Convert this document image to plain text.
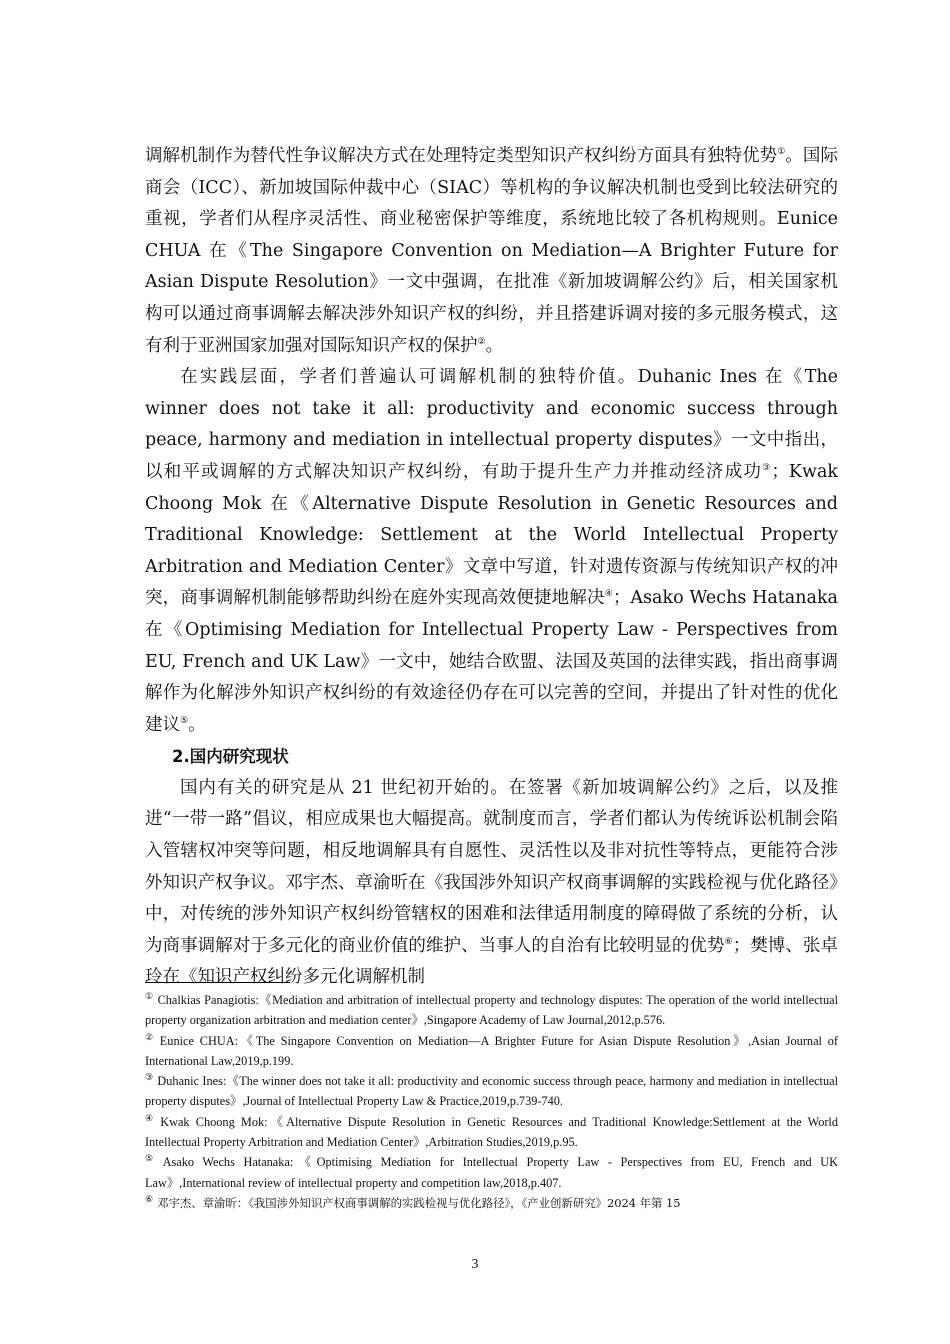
调解机制作为替代性争议解决方式在处理特定类型知识产权纠纷方面具有独特优势①。国际商会（ICC）、新加坡国际仲裁中心（SIAC）等机构的争议解决机制也受到比较法研究的重视，学者们从程序灵活性、商业秘密保护等维度，系统地比较了各机构规则。Eunice CHUA 在《The Singapore Convention on Mediation—A Brighter Future for Asian Dispute Resolution》一文中强调，在批准《新加坡调解公约》后，相关国家机构可以通过商事调解去解决涉外知识产权的纠纷，并且搭建诉调对接的多元服务模式，这有利于亚洲国家加强对国际知识产权的保护②。

在实践层面，学者们普遍认可调解机制的独特价值。Duhanic Ines 在《The winner does not take it all: productivity and economic success through peace, harmony and mediation in intellectual property disputes》一文中指出，以和平或调解的方式解决知识产权纠纷，有助于提升生产力并推动经济成功③；Kwak Choong Mok 在《Alternative Dispute Resolution in Genetic Resources and Traditional Knowledge: Settlement at the World Intellectual Property Arbitration and Mediation Center》文章中写道，针对遗传资源与传统知识产权的冲突，商事调解机制能够帮助纠纷在庭外实现高效便捷地解决④；Asako Wechs Hatanaka 在《Optimising Mediation for Intellectual Property Law - Perspectives from EU, French and UK Law》一文中，她结合欧盟、法国及英国的法律实践，指出商事调解作为化解涉外知识产权纠纷的有效途径仍存在可以完善的空间，并提出了针对性的优化建议⑤。

2.国内研究现状

国内有关的研究是从 21 世纪初开始的。在签署《新加坡调解公约》之后，以及推进“一带一路”倡议，相应成果也大幅提高。就制度而言，学者们都认为传统诉讼机制会陷入管辖权冲突等问题，相反地调解具有自愿性、灵活性以及非对抗性等特点，更能符合涉外知识产权争议。邓宇杰、章渝昕在《我国涉外知识产权商事调解的实践检视与优化路径》中，对传统的涉外知识产权纠纷管辖权的困难和法律适用制度的障碍做了系统的分析，认为商事调解对于多元化的商业价值的维护、当事人的自治有比较明显的优势⑥；樊博、张卓玲在《知识产权纠纷多元化调解机制

① Chalkias Panagiotis:《Mediation and arbitration of intellectual property and technology disputes: The operation of the world intellectual property organization arbitration and mediation center》,Singapore Academy of Law Journal,2012,p.576.

② Eunice CHUA:《The Singapore Convention on Mediation—A Brighter Future for Asian Dispute Resolution》,Asian Journal of International Law,2019,p.199.

③ Duhanic Ines:《The winner does not take it all: productivity and economic success through peace, harmony and mediation in intellectual property disputes》,Journal of Intellectual Property Law & Practice,2019,p.739-740.

④ Kwak Choong Mok:《Alternative Dispute Resolution in Genetic Resources and Traditional Knowledge:Settlement at the World Intellectual Property Arbitration and Mediation Center》,Arbitration Studies,2019,p.95.

⑤ Asako Wechs Hatanaka:《Optimising Mediation for Intellectual Property Law - Perspectives from EU, French and UK Law》,International review of intellectual property and competition law,2018,p.407.

⑥ 邓宇杰、章渝昕：《我国涉外知识产权商事调解的实践检视与优化路径》，《产业创新研究》2024 年第 15

3
